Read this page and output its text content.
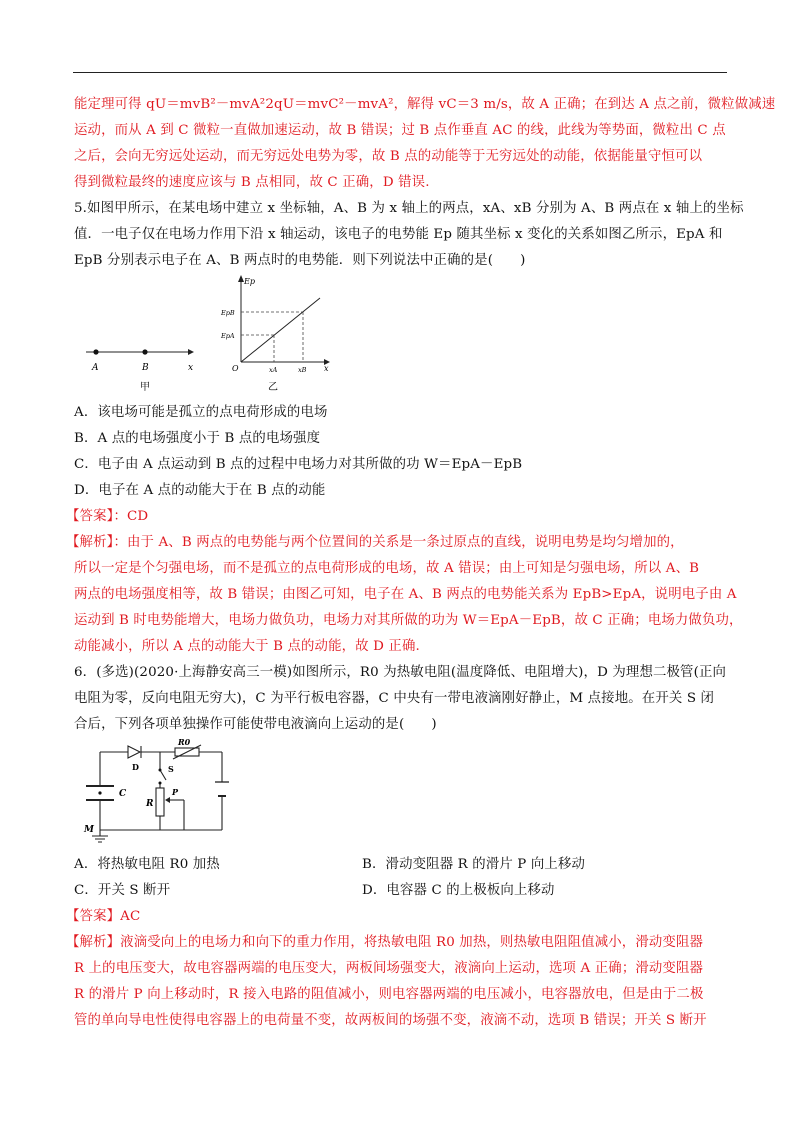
能定理可得 qU＝mvB²－mvA²2qU＝mvC²－mvA²，解得 vC＝3 m/s，故 A 正确；在到达 A 点之前，微粒做减速
运动，而从 A 到 C 微粒一直做加速运动，故 B 错误；过 B 点作垂直 AC 的线，此线为等势面，微粒出 C 点
之后，会向无穷远处运动，而无穷远处电势为零，故 B 点的动能等于无穷远处的动能，依据能量守恒可以
得到微粒最终的速度应该与 B 点相同，故 C 正确，D 错误.
5.如图甲所示，在某电场中建立 x 坐标轴，A、B 为 x 轴上的两点，xA、xB 分别为 A、B 两点在 x 轴上的坐标
值．一电子仅在电场力作用下沿 x 轴运动，该电子的电势能 Ep 随其坐标 x 变化的关系如图乙所示，EpA 和
EpB 分别表示电子在 A、B 两点时的电势能．则下列说法中正确的是(　　)
A	B	x
甲
Ep
EpB
EpA
O	xA	xB x
乙
A．该电场可能是孤立的点电荷形成的电场
B．A 点的电场强度小于 B 点的电场强度
C．电子由 A 点运动到 B 点的过程中电场力对其所做的功 W＝EpA－EpB
D．电子在 A 点的动能大于在 B 点的动能
【答案】：CD
【解析】：由于 A、B 两点的电势能与两个位置间的关系是一条过原点的直线，说明电势是均匀增加的，
所以一定是个匀强电场，而不是孤立的点电荷形成的电场，故 A 错误；由上可知是匀强电场，所以 A、B
两点的电场强度相等，故 B 错误；由图乙可知，电子在 A、B 两点的电势能关系为 EpB>EpA，说明电子由 A
运动到 B 时电势能增大，电场力做负功，电场力对其所做的功为 W＝EpA－EpB，故 C 正确；电场力做负功，
动能减小，所以 A 点的动能大于 B 点的动能，故 D 正确.
6．(多选)(2020·上海静安高三一模)如图所示，R0 为热敏电阻(温度降低、电阻增大)，D 为理想二极管(正向
电阻为零，反向电阻无穷大)，C 为平行板电容器，C 中央有一带电液滴刚好静止，M 点接地。在开关 S 闭
合后，下列各项单独操作可能使带电液滴向上运动的是(　　)
R0
D	S
C
R
P
M
A．将热敏电阻 R0 加热	B．滑动变阻器 R 的滑片 P 向上移动
C．开关 S 断开	D．电容器 C 的上极板向上移动
【答案】AC
【解析】液滴受向上的电场力和向下的重力作用，将热敏电阻 R0 加热，则热敏电阻阻值减小，滑动变阻器
R 上的电压变大，故电容器两端的电压变大，两板间场强变大，液滴向上运动，选项 A 正确；滑动变阻器
R 的滑片 P 向上移动时，R 接入电路的阻值减小，则电容器两端的电压减小，电容器放电，但是由于二极
管的单向导电性使得电容器上的电荷量不变，故两板间的场强不变，液滴不动，选项 B 错误；开关 S 断开
